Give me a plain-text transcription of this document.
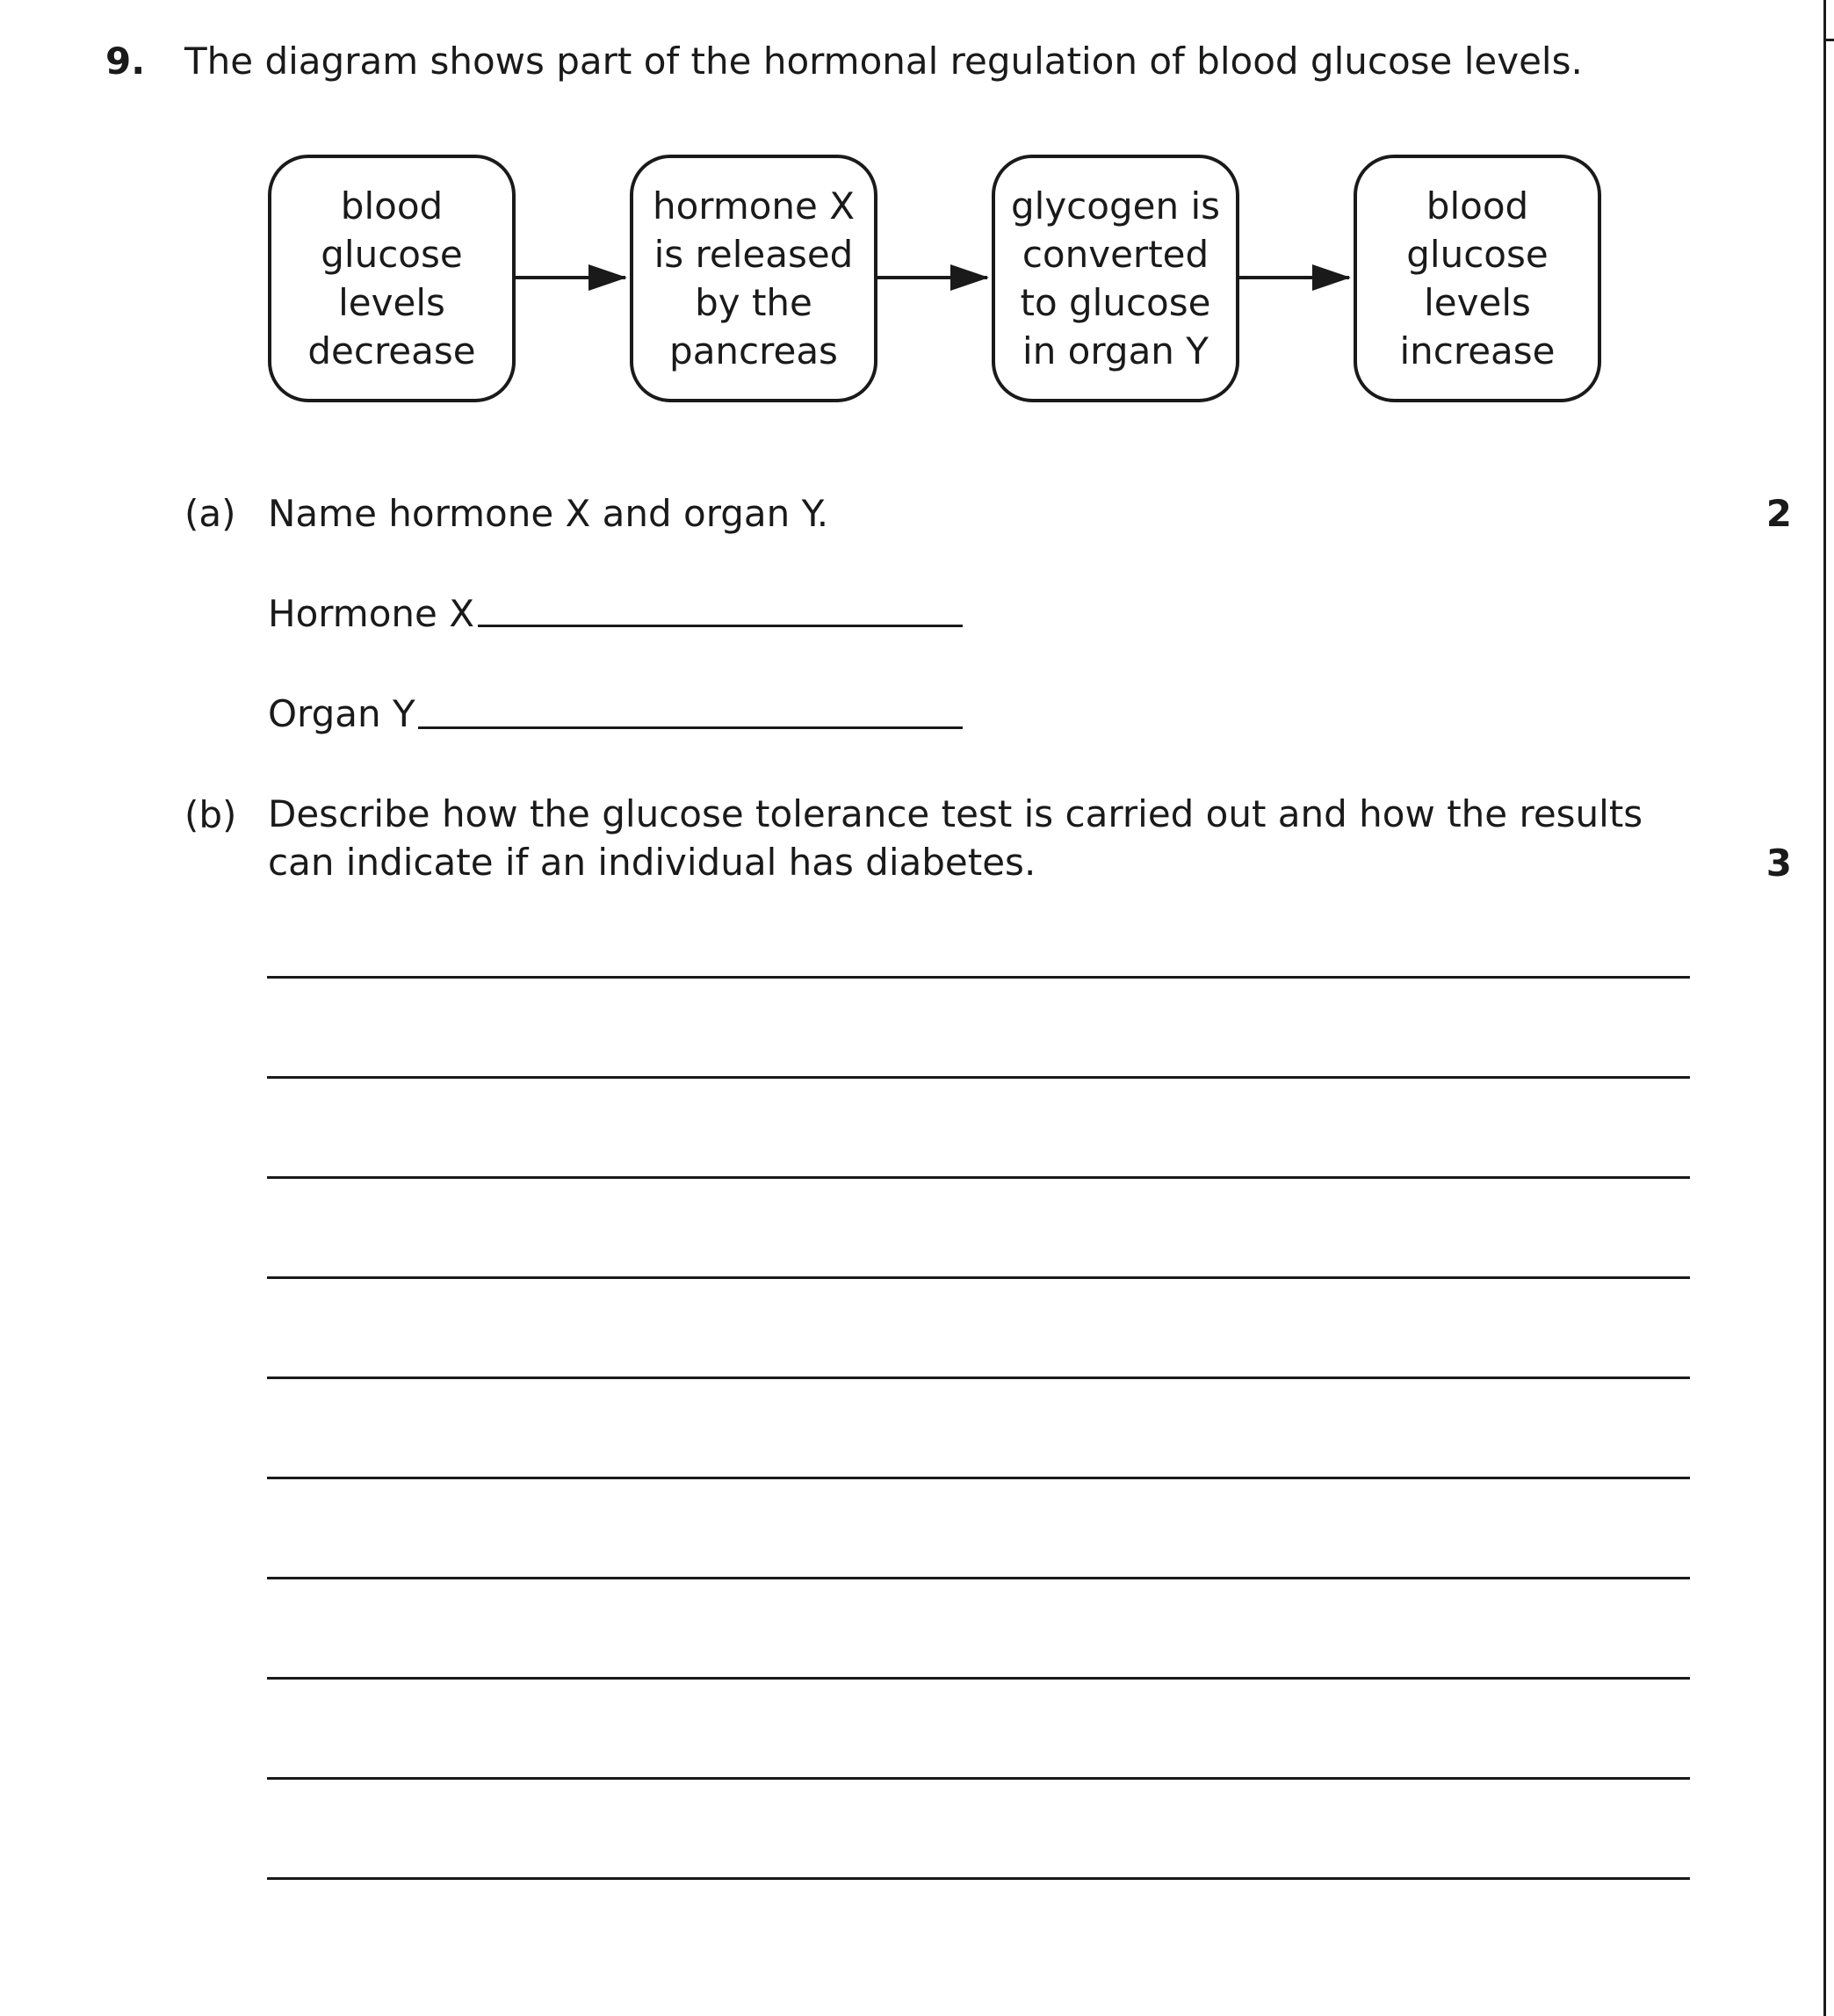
9. The diagram shows part of the hormonal regulation of blood glucose levels.
blood
glucose
levels
decrease
hormone X
is released
by the
pancreas
glycogen is
converted
to glucose
in organ Y
blood
glucose
levels
increase
(a) Name hormone X and organ Y.	2
Hormone X
Organ Y
(b) Describe how the glucose tolerance test is carried out and how the results can indicate if an individual has diabetes.	3
